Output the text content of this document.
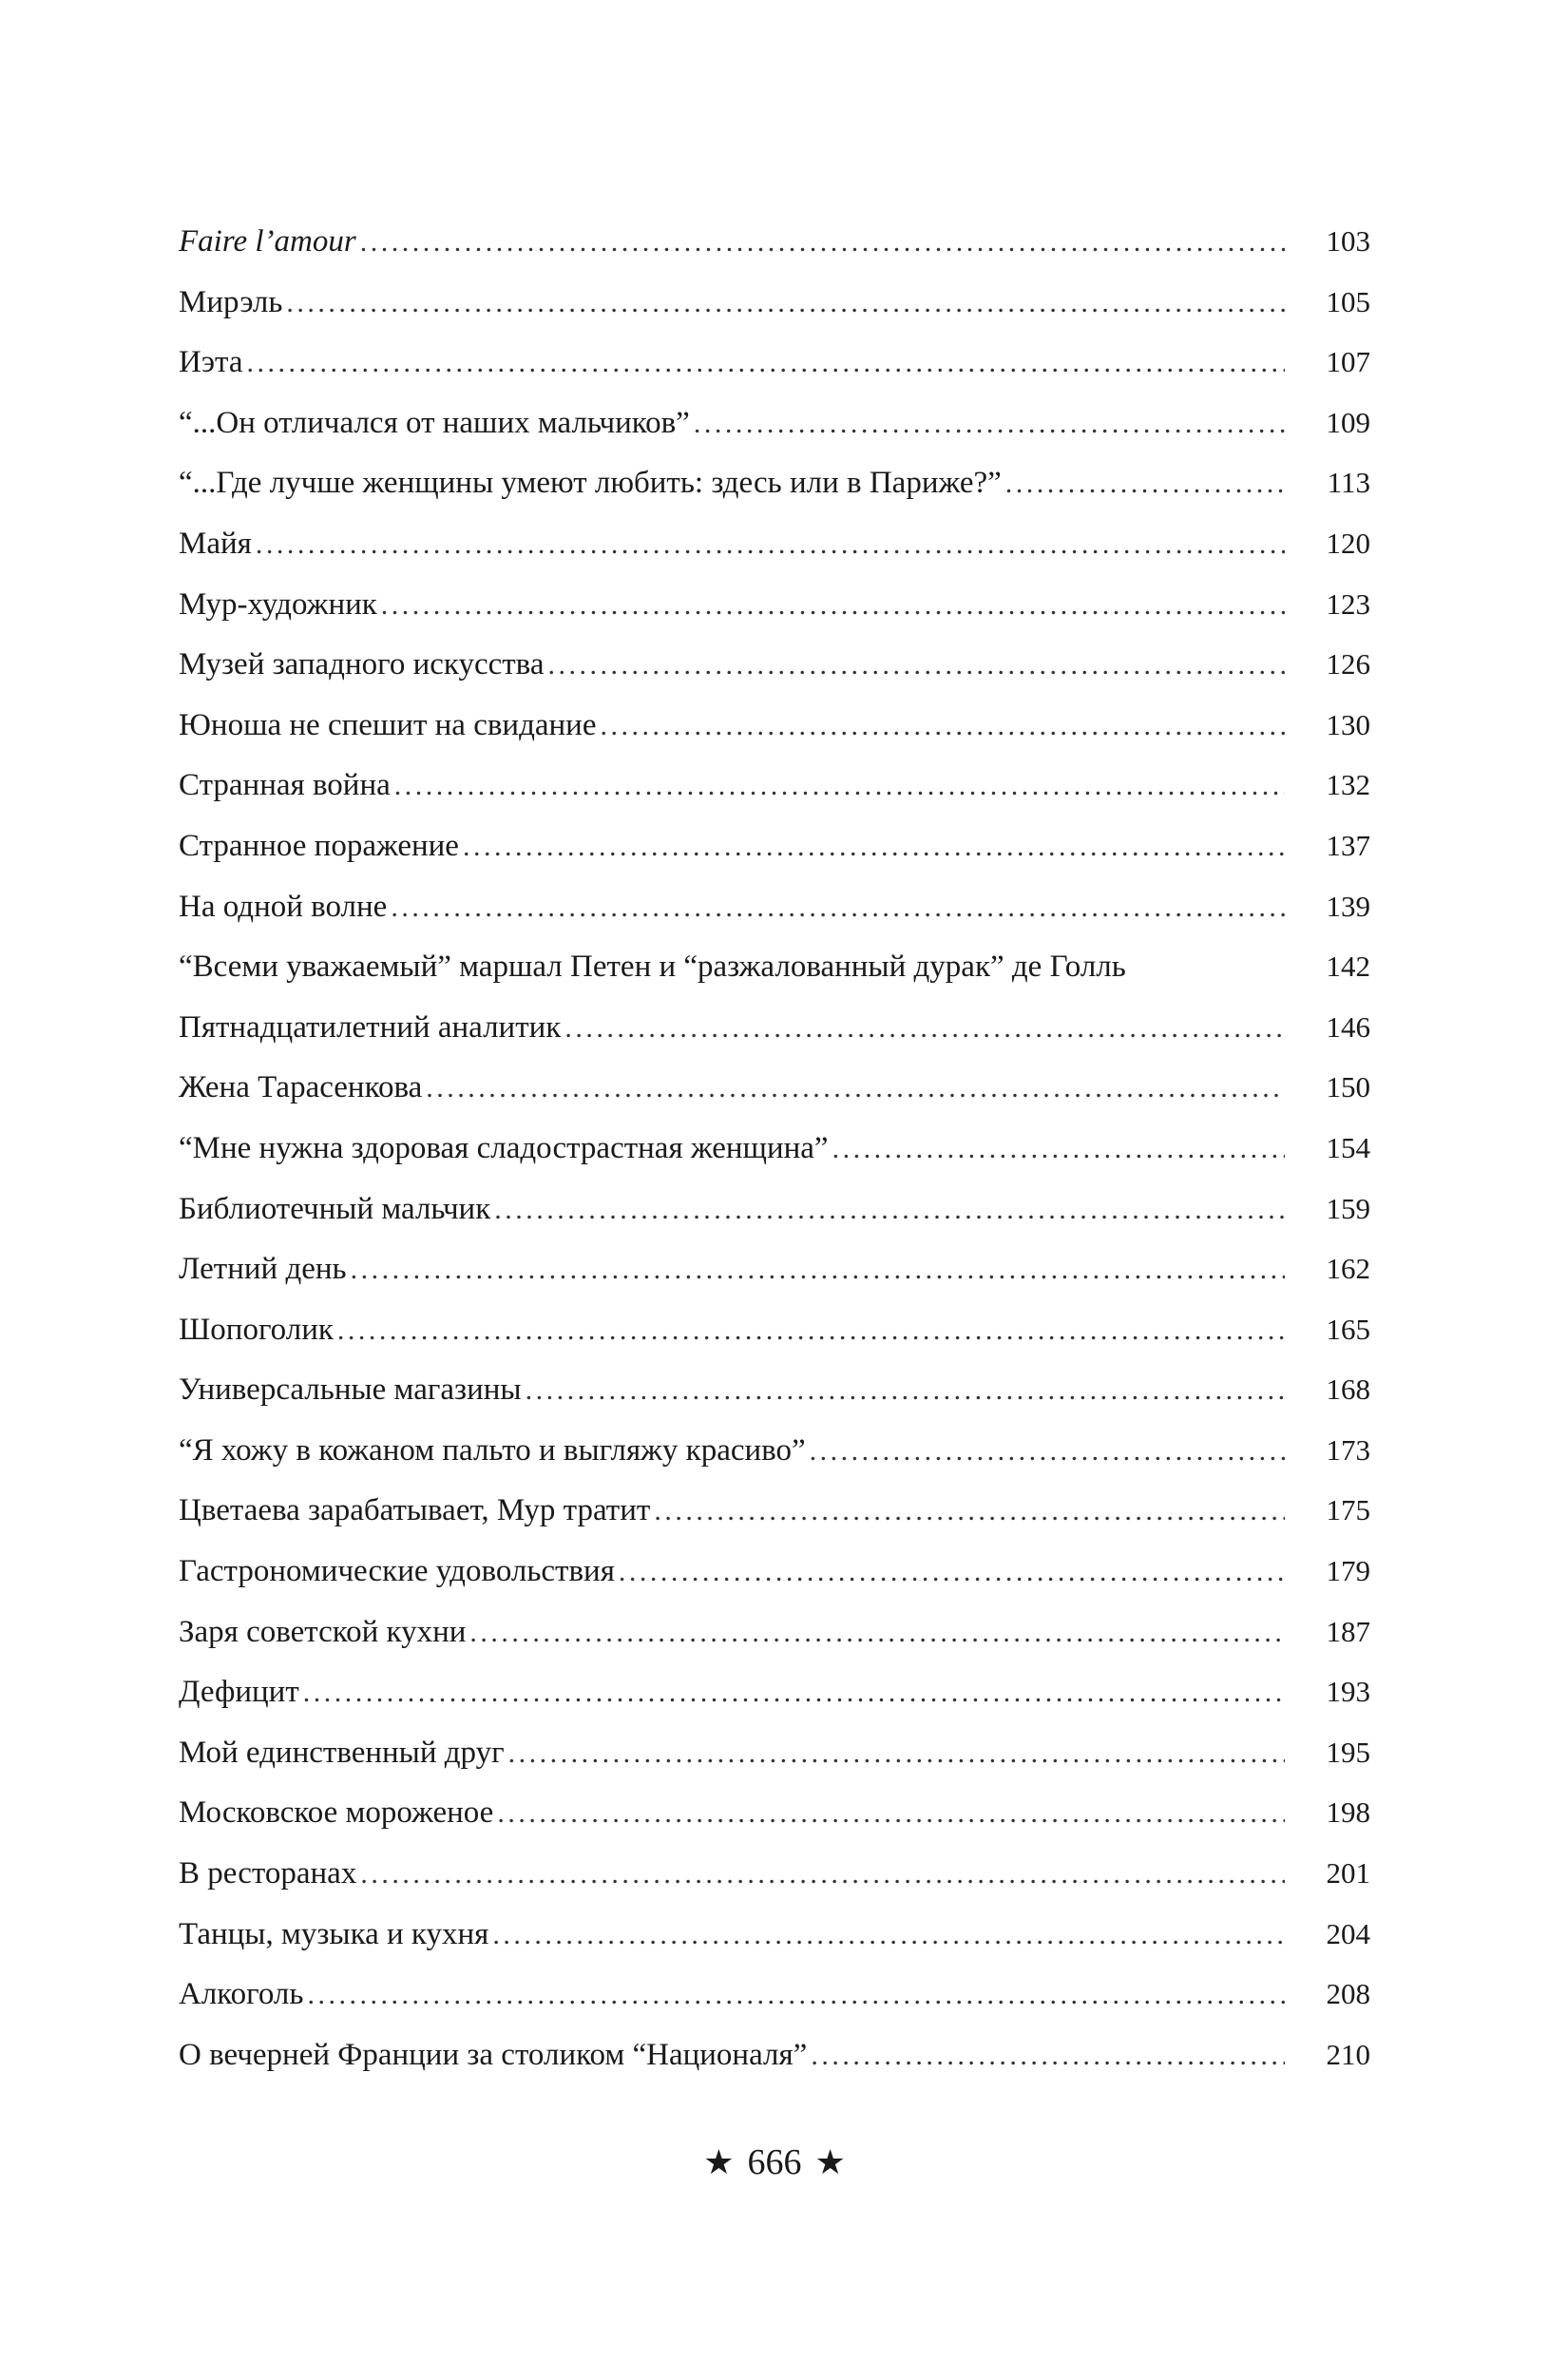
Faire l’amour . . .	103
Мирэль . . .	105
Иэта . . .	107
“...Он отличался от наших мальчиков” . . .	109
“...Где лучше женщины умеют любить: здесь или в Париже?” . . .	113
Майя . . .	120
Мур-художник . . .	123
Музей западного искусства . . .	126
Юноша не спешит на свидание . . .	130
Странная война . . .	132
Странное поражение . . .	137
На одной волне . . .	139
“Всеми уважаемый” маршал Петен и “разжалованный дурак” де Голль	142
Пятнадцатилетний аналитик . . .	146
Жена Тарасенкова . . .	150
“Мне нужна здоровая сладострастная женщина” . . .	154
Библиотечный мальчик . . .	159
Летний день . . .	162
Шопоголик . . .	165
Универсальные магазины . . .	168
“Я хожу в кожаном пальто и выгляжу красиво” . . .	173
Цветаева зарабатывает, Мур тратит . . .	175
Гастрономические удовольствия . . .	179
Заря советской кухни . . .	187
Дефицит . . .	193
Мой единственный друг . . .	195
Московское мороженое . . .	198
В ресторанах . . .	201
Танцы, музыка и кухня . . .	204
Алкоголь . . .	208
О вечерней Франции за столиком “Националя” . . .	210
★ 666 ★
